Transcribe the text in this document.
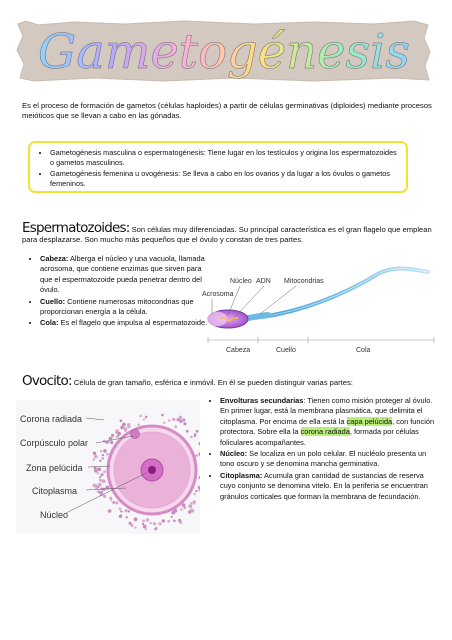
Gametogénesis

Es el proceso de formación de gametos (células haploides) a partir de células germinativas (diploides) mediante procesos meióticos que se llevan a cabo en las gónadas.

• Gametogénesis masculina o espermatogénesis: Tiene lugar en los testículos y origina los espermatozoides o gametos masculinos.
• Gametogénesis femenina u ovogénesis: Se lleva a cabo en los ovarios y da lugar a los óvulos o gametos femeninos.

Espermatozoides: Son células muy diferenciadas. Su principal característica es el gran flagelo que emplean para desplazarse. Son mucho más pequeños que el óvulo y constan de tres partes.

• Cabeza: Alberga el núcleo y una vacuola, llamada acrosoma, que contiene enzimas que sirven para que el espermatozoide pueda penetrar dentro del óvulo.
• Cuello: Contiene numerosas mitocondrias que proporcionan energía a la célula.
• Cola: Es el flagelo que impulsa al espermatozoide.
Acrosoma
Núcleo ADN Mitocondrias
Cabeza	Cuello	Cola

Ovocito: Célula de gran tamaño, esférica e inmóvil. En él se pueden distinguir varias partes:

Corona radiada
Corpúsculo polar
Zona pelúcida
Citoplasma
Núcleo
• Envolturas secundarias: Tienen como misión proteger al óvulo. En primer lugar, está la membrana plasmática, que delimita el citoplasma. Por encima de ella está la capa pelúcida, con función protectora. Sobre ella la corona radiada, formada por células foliculares acompañantes.
• Núcleo: Se localiza en un polo celular. El nucléolo presenta un tono oscuro y se denomina mancha germinativa.
• Citoplasma: Acumula gran cantidad de sustancias de reserva cuyo conjunto se denomina vitelo. En la periferia se encuentran gránulos corticales que forman la membrana de fecundación.
